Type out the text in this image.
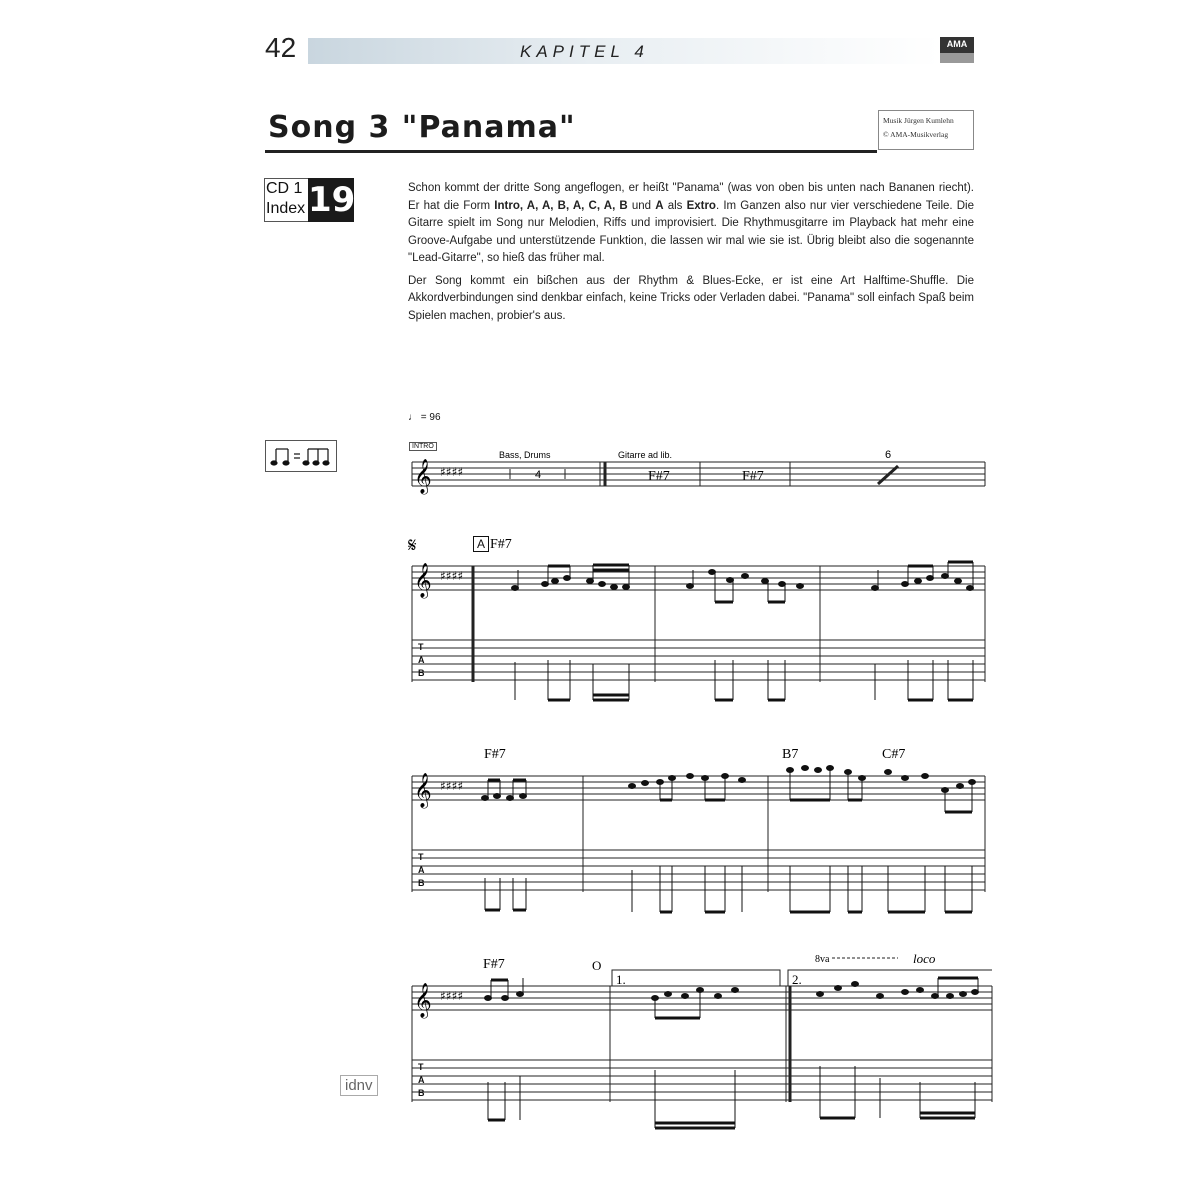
42	KAPITEL 4	AMA
Song 3 "Panama"	Musik Jürgen Kumlehn
© AMA-Musikverlag
CD 1
Index 19	Schon kommt der dritte Song angeflogen, er heißt "Panama" (was von oben bis unten nach Bananen riecht). Er hat die Form Intro, A, A, B, A, C, A, B und A als Extro. Im Ganzen also nur vier verschiedene Teile. Die Gitarre spielt im Song nur Melodien, Riffs und improvisiert. Die Rhythmusgitarre im Playback hat mehr eine Groove-Aufgabe und unterstützende Funktion, die lassen wir mal wie sie ist. Übrig bleibt also die sogenannte "Lead-Gitarre", so hieß das früher mal.

Der Song kommt ein bißchen aus der Rhythm & Blues-Ecke, er ist eine Art Halftime-Shuffle. Die Akkordverbindungen sind denkbar einfach, keine Tricks oder Verladen dabei. "Panama" soll einfach Spaß beim Spielen machen, probier's aus.

♩ = 96
INTRO
A
𝄞 ♯♯♯♯
Bass, Drums
4
Gitarre ad lib.
F#7	F#7
6
𝄞 ♯♯♯♯
𝄋	F#7
T
A
B
𝄞 ♯♯♯♯
F#7	B7	C#7
T
A
B
𝄞 ♯♯♯♯
F#7	O
1.	2.
8va	loco
T
A
B
idnv
